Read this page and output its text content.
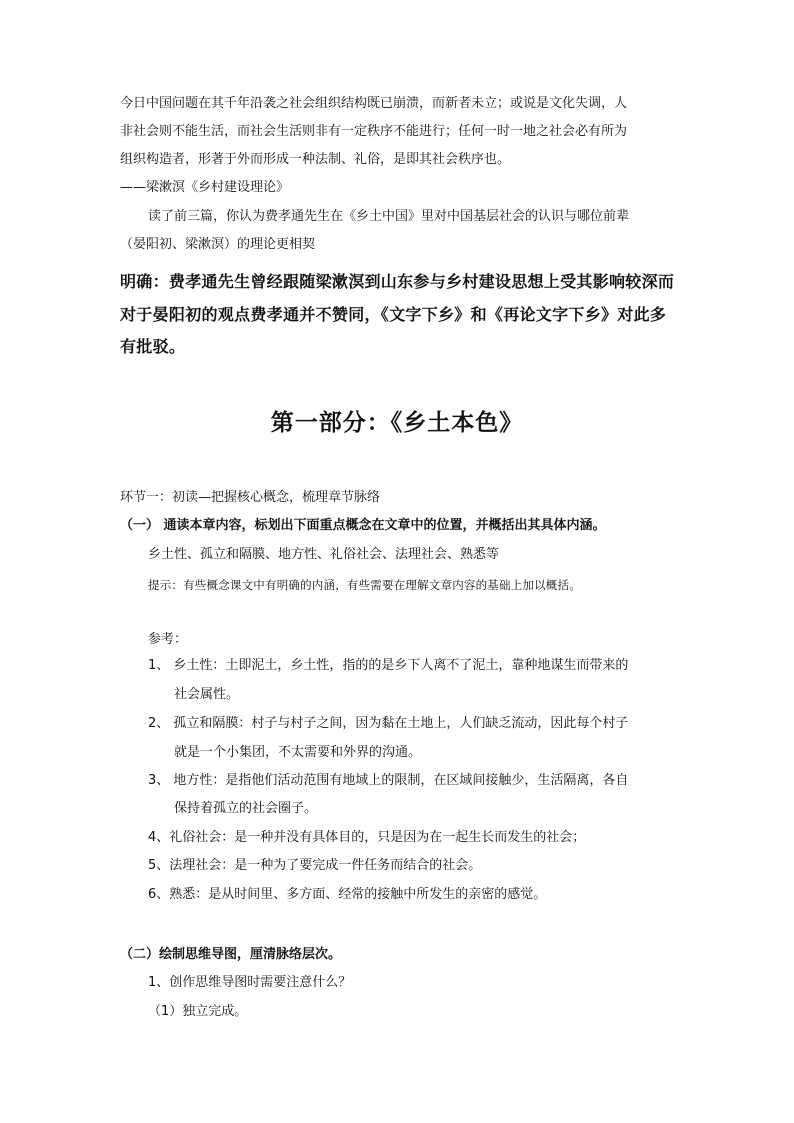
今日中国问题在其千年沿袭之社会组织结构既已崩溃，而新者未立；或说是文化失调，人
非社会则不能生活，而社会生活则非有一定秩序不能进行；任何一时一地之社会必有所为
组织构造者，形著于外而形成一种法制、礼俗，是即其社会秩序也。
——梁漱溟《乡村建设理论》
读了前三篇，你认为费孝通先生在《乡土中国》里对中国基层社会的认识与哪位前辈
（晏阳初、梁漱溟）的理论更相契
明确：费孝通先生曾经跟随梁漱溟到山东参与乡村建设思想上受其影响较深而
对于晏阳初的观点费孝通并不赞同，《文字下乡》和《再论文字下乡》对此多
有批驳。
第一部分：《乡土本色》
环节一：初读—把握核心概念，梳理章节脉络
（一） 通读本章内容，标划出下面重点概念在文章中的位置，并概括出其具体内涵。
乡土性、孤立和隔膜、地方性、礼俗社会、法理社会、熟悉等
提示：有些概念课文中有明确的内涵，有些需要在理解文章内容的基础上加以概括。
参考：
1、 乡土性：土即泥土，乡土性，指的的是乡下人离不了泥土，靠种地谋生而带来的
社会属性。
2、 孤立和隔膜：村子与村子之间，因为黏在土地上，人们缺乏流动，因此每个村子
就是一个小集团，不太需要和外界的沟通。
3、 地方性：是指他们活动范围有地域上的限制，在区域间接触少，生活隔离，各自
保持着孤立的社会圈子。
4、礼俗社会：是一种并没有具体目的，只是因为在一起生长而发生的社会；
5、法理社会：是一种为了要完成一件任务而结合的社会。
6、熟悉：是从时间里、多方面、经常的接触中所发生的亲密的感觉。
（二）绘制思维导图，厘清脉络层次。
1、创作思维导图时需要注意什么？
（1）独立完成。
